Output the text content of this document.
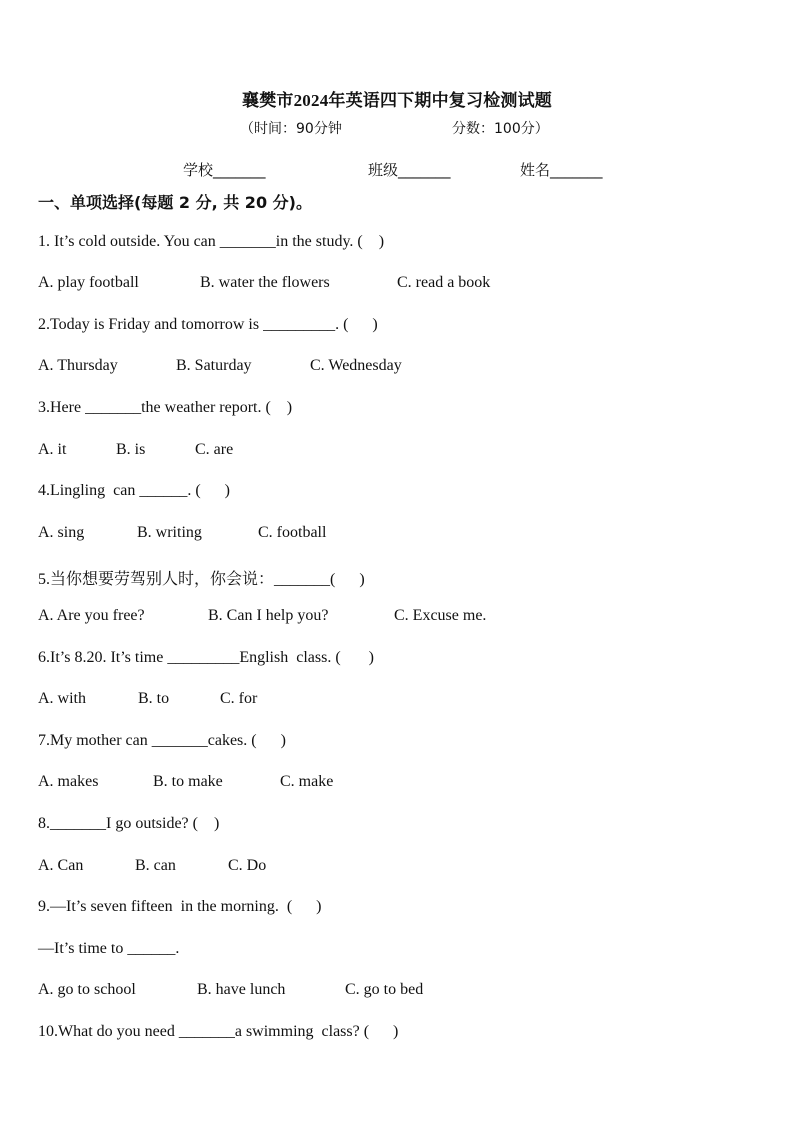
襄樊市2024年英语四下期中复习检测试题
（时间：90分钟	分数：100分）
学校_______	班级_______	姓名_______
一、单项选择(每题 2 分, 共 20 分)。
1. It’s cold outside. You can _______in the study. (    )
A. play football	B. water the flowers	C. read a book
2.Today is Friday and tomorrow is _________. (      )
A. Thursday	B. Saturday	C. Wednesday
3.Here _______the weather report. (    )
A. it	B. is	C. are
4.Lingling  can ______. (      )
A. sing	B. writing	C. football
5.当你想要劳驾别人时，你会说：_______(      )
A. Are you free?	B. Can I help you?	C. Excuse me.
6.It’s 8.20. It’s time _________English  class. (       )
A. with	B. to	C. for
7.My mother can _______cakes. (      )
A. makes	B. to make	C. make
8._______I go outside? (    )
A. Can	B. can	C. Do
9.—It’s seven fifteen  in the morning.  (      )
—It’s time to ______.
A. go to school	B. have lunch	C. go to bed
10.What do you need _______a swimming  class? (      )
